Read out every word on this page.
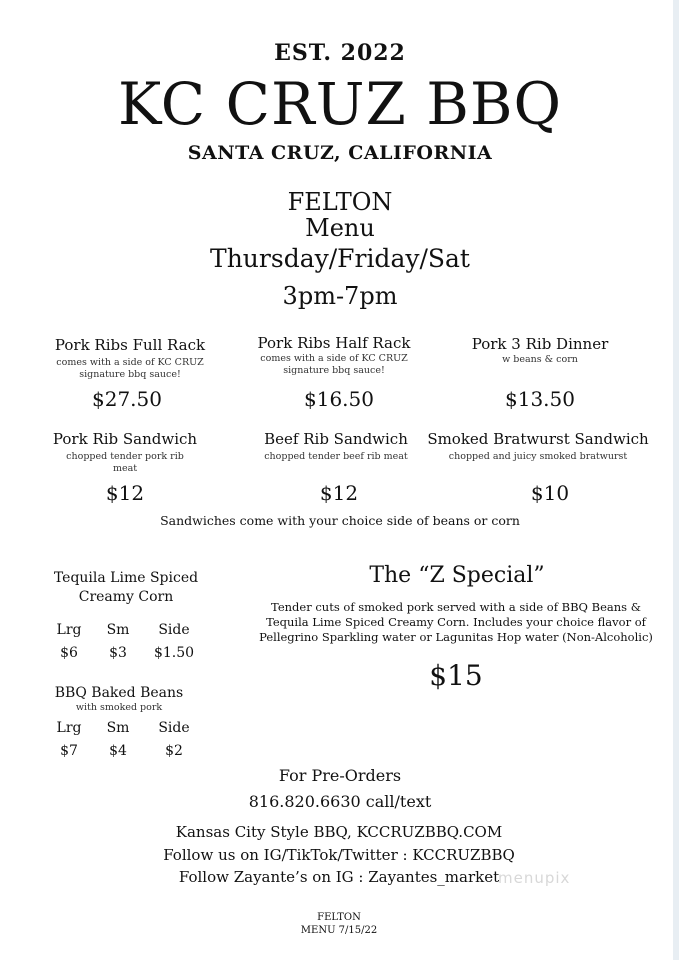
EST. 2022
KC CRUZ BBQ
SANTA CRUZ, CALIFORNIA
FELTON
Menu
Thursday/Friday/Sat
3pm-7pm
Pork Ribs Full Rack
comes with a side of KC CRUZ
signature bbq sauce!
$27.50
Pork Ribs Half Rack
comes with a side of KC CRUZ
signature bbq sauce!
$16.50
Pork 3 Rib Dinner
w beans & corn
$13.50
Pork Rib Sandwich
chopped tender pork rib
meat
$12
Beef Rib Sandwich
chopped tender beef rib meat
$12
Smoked Bratwurst Sandwich
chopped and juicy smoked bratwurst
$10
Sandwiches come with your choice side of beans or corn
Tequila Lime Spiced
Creamy Corn
Lrg Sm Side
$6 $3 $1.50
BBQ Baked Beans
with smoked pork
Lrg Sm Side
$7 $4	$2
The “Z Special”
Tender cuts of smoked pork served with a side of BBQ Beans &
Tequila Lime Spiced Creamy Corn. Includes your choice flavor of
Pellegrino Sparkling water or Lagunitas Hop water (Non-Alcoholic)
$15
For Pre-Orders
816.820.6630 call/text
Kansas City Style BBQ, KCCRUZBBQ.COM
Follow us on IG/TikTok/Twitter : KCCRUZBBQ
Follow Zayante’s on IG : Zayantes_market
menupix
FELTON
MENU 7/15/22
